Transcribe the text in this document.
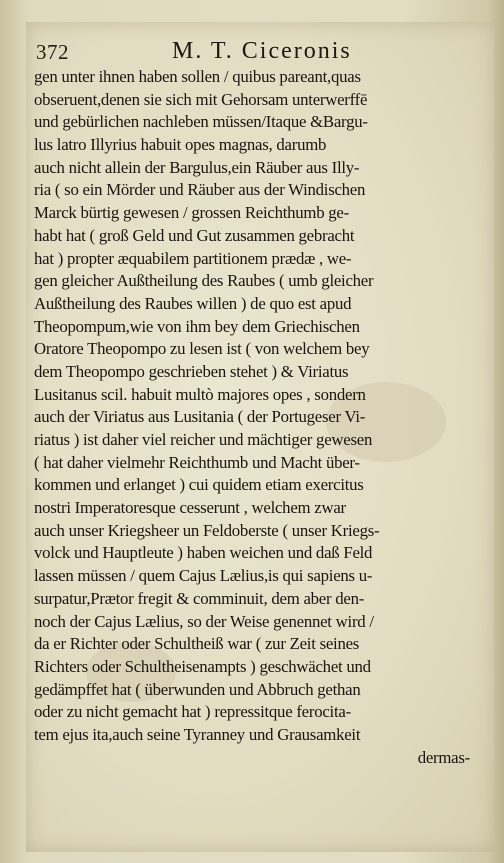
372	M. T. Ciceronis
gen unter ihnen haben sollen / quibus pareant,quas
obseruent,denen sie sich mit Gehorsam unterwerffē
und gebürlichen nachleben müssen/Itaque &Bargu-
lus latro Illyrius habuit opes magnas, darumb
auch nicht allein der Bargulus,ein Räuber aus Illy-
ria ( so ein Mörder und Räuber aus der Windischen
Marck bürtig gewesen / grossen Reichthumb ge-
habt hat ( groß Geld und Gut zusammen gebracht
hat ) propter æquabilem partitionem prædæ , we-
gen gleicher Außtheilung des Raubes ( umb gleicher
Außtheilung des Raubes willen ) de quo est apud
Theopompum,wie von ihm bey dem Griechischen
Oratore Theopompo zu lesen ist ( von welchem bey
dem Theopompo geschrieben stehet ) & Viriatus
Lusitanus scil. habuit multò majores opes , sondern
auch der Viriatus aus Lusitania ( der Portugeser Vi-
riatus ) ist daher viel reicher und mächtiger gewesen
( hat daher vielmehr Reichthumb und Macht über-
kommen und erlanget ) cui quidem etiam exercitus
nostri Imperatoresque cesserunt , welchem zwar
auch unser Kriegsheer un Feldoberste ( unser Kriegs-
volck und Hauptleute ) haben weichen und daß Feld
lassen müssen / quem Cajus Lælius,is qui sapiens u-
surpatur,Prætor fregit & comminuit, dem aber den-
noch der Cajus Lælius, so der Weise genennet wird /
da er Richter oder Schultheiß war ( zur Zeit seines
Richters oder Schultheisenampts ) geschwächet und
gedämpffet hat ( überwunden und Abbruch gethan
oder zu nicht gemacht hat ) repressitque ferocita-
tem ejus ita,auch seine Tyranney und Grausamkeit
dermas-
